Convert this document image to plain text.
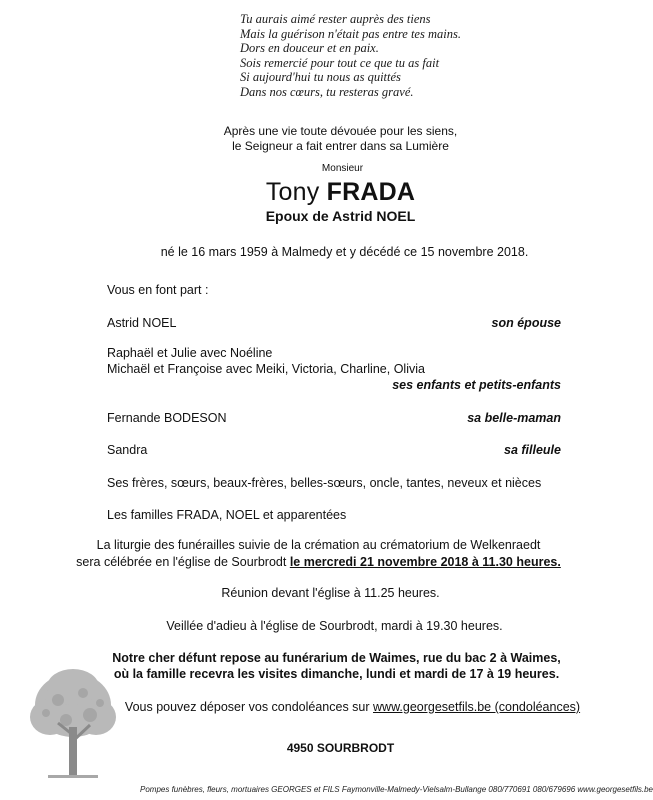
Tu aurais aimé rester auprès des tiens
Mais la guérison n'était pas entre tes mains.
Dors en douceur et en paix.
Sois remercié pour tout ce que tu as fait
Si aujourd'hui tu nous as quittés
Dans nos cœurs, tu resteras gravé.
Après une vie toute dévouée pour les siens,
le Seigneur a fait entrer dans sa Lumière
Monsieur
Tony FRADA
Epoux de Astrid NOEL
né le 16 mars 1959 à Malmedy et y décédé ce 15 novembre 2018.
Vous en font part :
Astrid NOEL	son épouse
Raphaël et Julie avec Noéline
Michaël et Françoise avec Meiki, Victoria, Charline, Olivia
ses enfants et petits-enfants
Fernande BODESON	sa belle-maman
Sandra	sa filleule
Ses frères, sœurs, beaux-frères, belles-sœurs, oncle, tantes, neveux et nièces
Les familles FRADA, NOEL et apparentées
La liturgie des funérailles suivie de la crémation au crématorium de Welkenraedt
sera célébrée en l'église de Sourbrodt le mercredi 21 novembre 2018 à 11.30 heures.
Réunion devant l'église à 11.25 heures.
Veillée d'adieu à l'église de Sourbrodt, mardi à 19.30 heures.
Notre cher défunt repose au funérarium de Waimes, rue du bac 2 à Waimes,
où la famille recevra les visites dimanche, lundi et mardi de 17 à 19 heures.
Vous pouvez déposer vos condoléances sur www.georgesetfils.be (condoléances)
4950 SOURBRODT
Pompes funèbres, fleurs, mortuaires GEORGES et FILS Faymonville-Malmedy-Vielsalm-Bullange 080/770691 080/679696 www.georgesetfils.be
